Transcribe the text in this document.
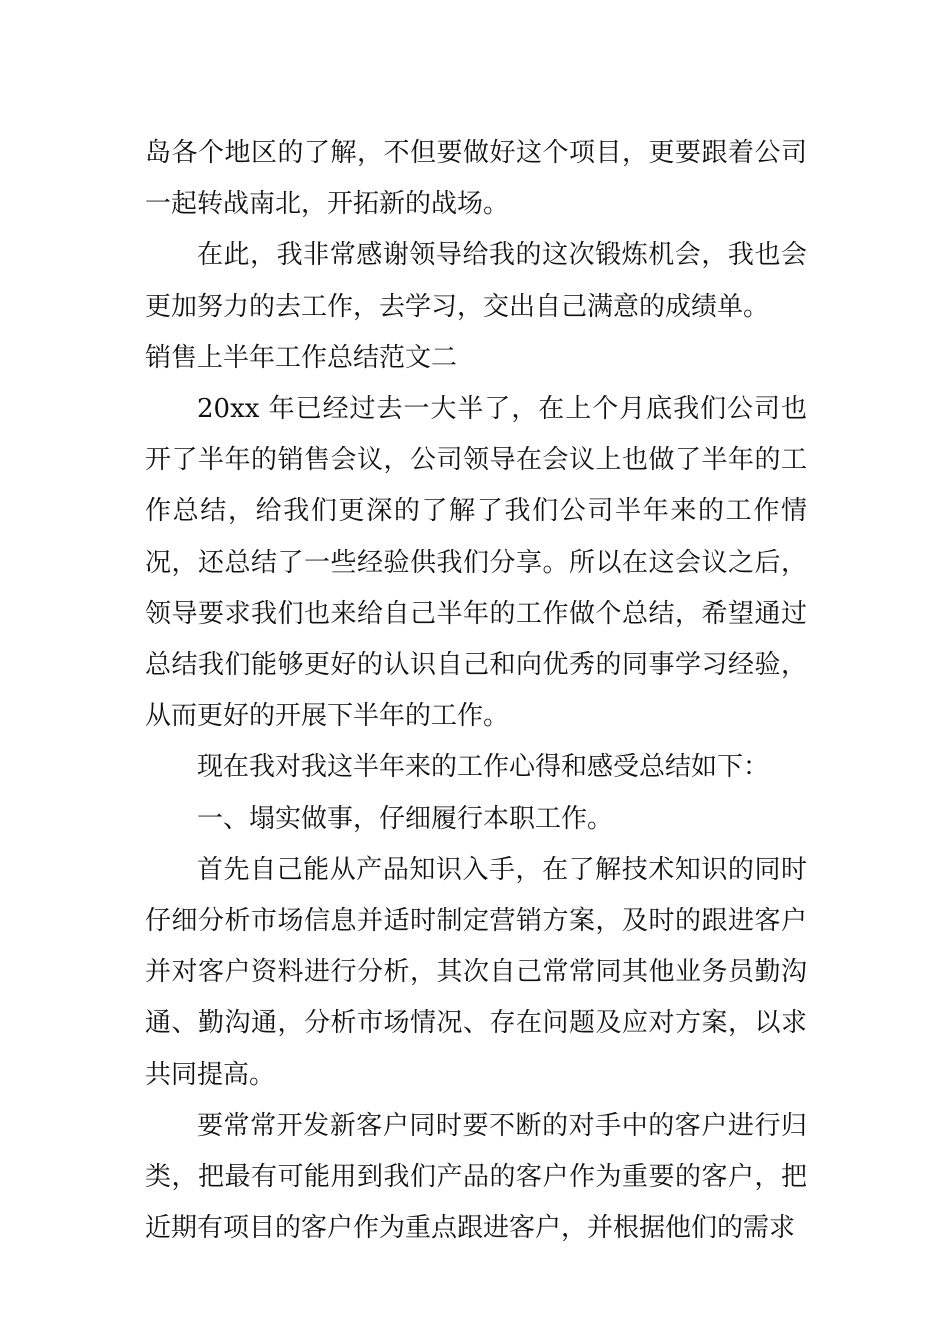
岛各个地区的了解，不但要做好这个项目，更要跟着公司一起转战南北，开拓新的战场。

在此，我非常感谢领导给我的这次锻炼机会，我也会更加努力的去工作，去学习，交出自己满意的成绩单。

销售上半年工作总结范文二

20xx 年已经过去一大半了，在上个月底我们公司也开了半年的销售会议，公司领导在会议上也做了半年的工作总结，给我们更深的了解了我们公司半年来的工作情况，还总结了一些经验供我们分享。所以在这会议之后，领导要求我们也来给自己半年的工作做个总结，希望通过总结我们能够更好的认识自己和向优秀的同事学习经验，从而更好的开展下半年的工作。

现在我对我这半年来的工作心得和感受总结如下：

一、塌实做事，仔细履行本职工作。

首先自己能从产品知识入手，在了解技术知识的同时仔细分析市场信息并适时制定营销方案，及时的跟进客户并对客户资料进行分析，其次自己常常同其他业务员勤沟通、勤沟通，分析市场情况、存在问题及应对方案，以求共同提高。

要常常开发新客户同时要不断的对手中的客户进行归类，把最有可能用到我们产品的客户作为重要的客户，把近期有项目的客户作为重点跟进客户，并根据他们的需求
